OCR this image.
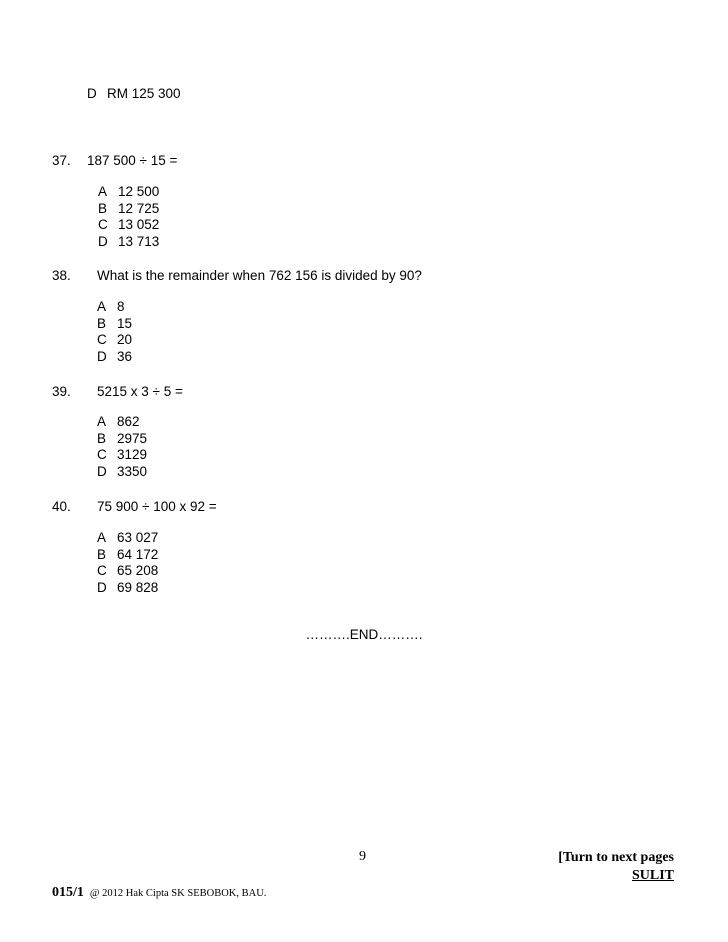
D RM 125 300
37. 187 500 ÷ 15 =
A 12 500
B 12 725
C 13 052
D 13 713
38. What is the remainder when 762 156 is divided by 90?
A 8
B 15
C 20
D 36
39. 5215 x 3 ÷ 5 =
A 862
B 2975
C 3129
D 3350
40. 75 900 ÷ 100 x 92 =
A 63 027
B 64 172
C 65 208
D 69 828
……….END……….
9	[Turn to next pages
SULIT
015/1 @ 2012 Hak Cipta SK SEBOBOK, BAU.
